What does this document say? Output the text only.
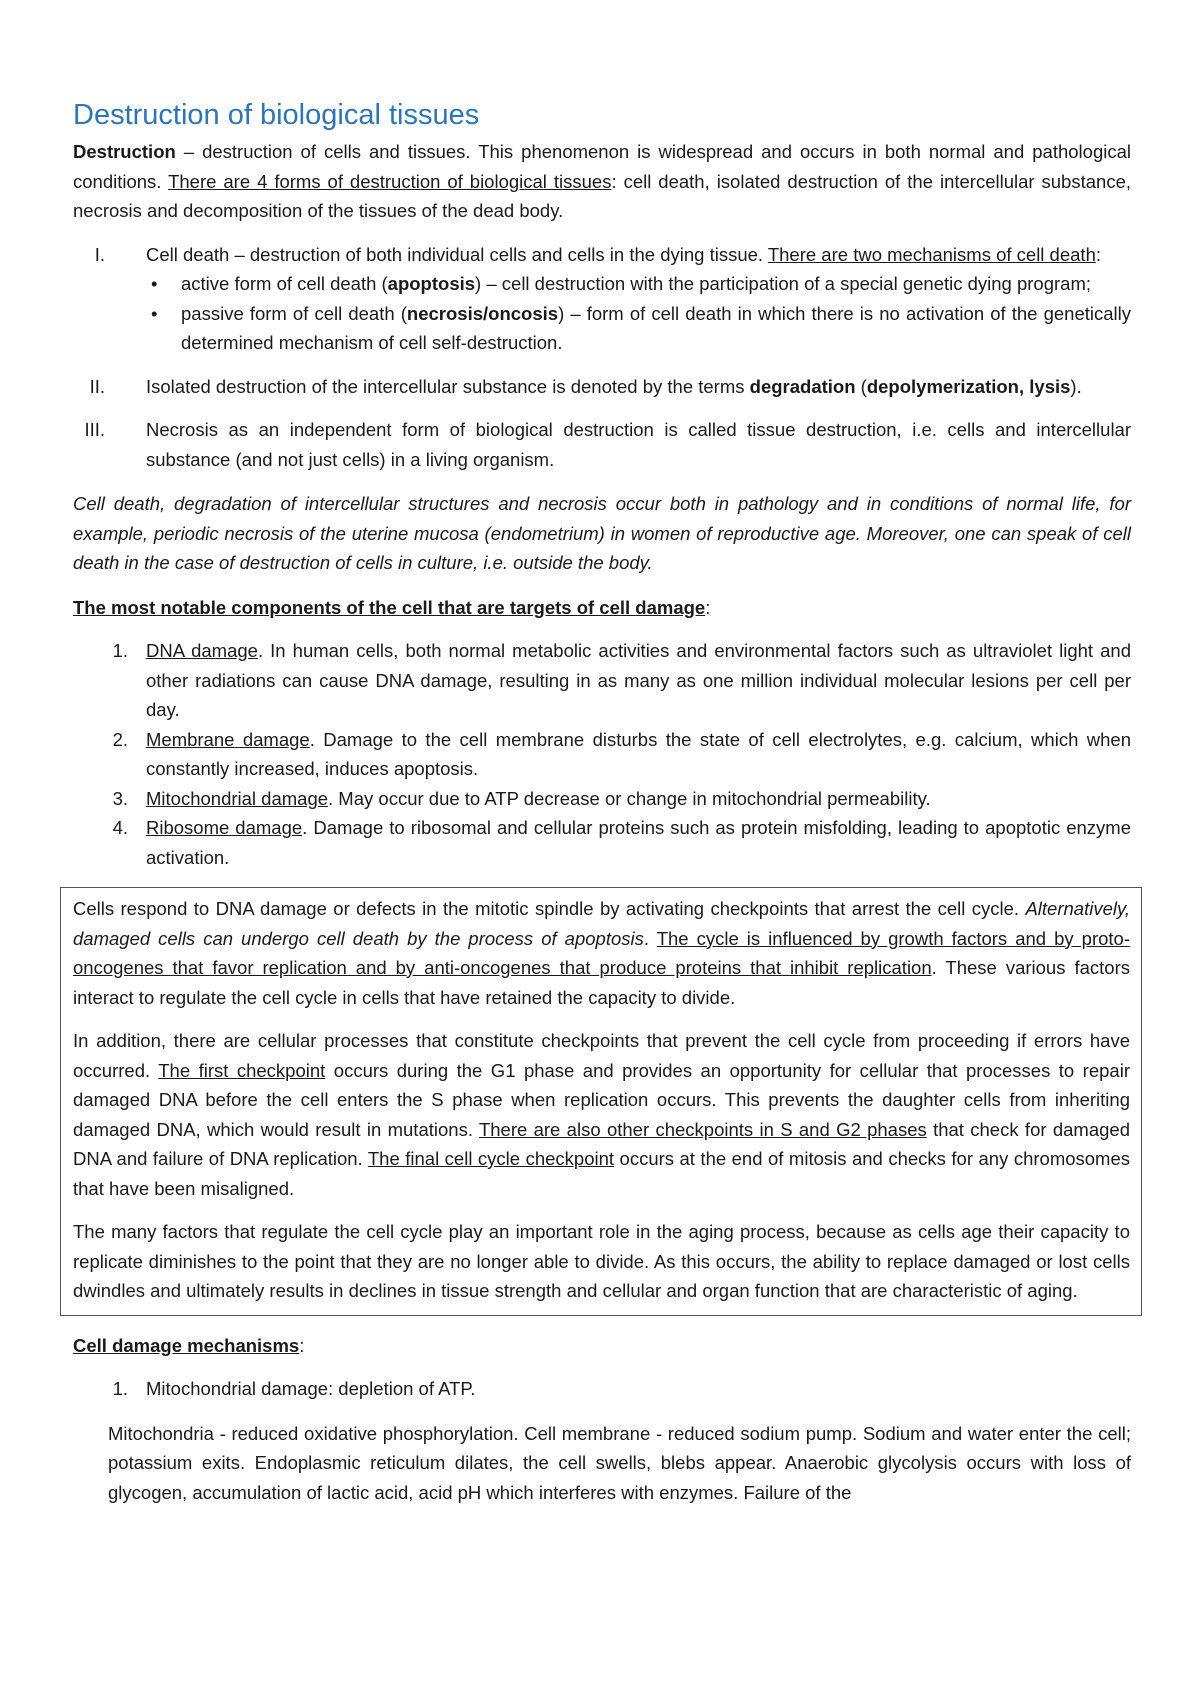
Destruction of biological tissues

Destruction – destruction of cells and tissues. This phenomenon is widespread and occurs in both normal and pathological conditions. There are 4 forms of destruction of biological tissues: cell death, isolated destruction of the intercellular substance, necrosis and decomposition of the tissues of the dead body.

I. Cell death – destruction of both individual cells and cells in the dying tissue. There are two mechanisms of cell death:
• active form of cell death (apoptosis) – cell destruction with the participation of a special genetic dying program;
• passive form of cell death (necrosis/oncosis) – form of cell death in which there is no activation of the genetically determined mechanism of cell self-destruction.
II. Isolated destruction of the intercellular substance is denoted by the terms degradation (depolymerization, lysis).
III. Necrosis as an independent form of biological destruction is called tissue destruction, i.e. cells and intercellular substance (and not just cells) in a living organism.

Cell death, degradation of intercellular structures and necrosis occur both in pathology and in conditions of normal life, for example, periodic necrosis of the uterine mucosa (endometrium) in women of reproductive age. Moreover, one can speak of cell death in the case of destruction of cells in culture, i.e. outside the body.

The most notable components of the cell that are targets of cell damage:

1. DNA damage. In human cells, both normal metabolic activities and environmental factors such as ultraviolet light and other radiations can cause DNA damage, resulting in as many as one million individual molecular lesions per cell per day.
2. Membrane damage. Damage to the cell membrane disturbs the state of cell electrolytes, e.g. calcium, which when constantly increased, induces apoptosis.
3. Mitochondrial damage. May occur due to ATP decrease or change in mitochondrial permeability.
4. Ribosome damage. Damage to ribosomal and cellular proteins such as protein misfolding, leading to apoptotic enzyme activation.

Cells respond to DNA damage or defects in the mitotic spindle by activating checkpoints that arrest the cell cycle. Alternatively, damaged cells can undergo cell death by the process of apoptosis. The cycle is influenced by growth factors and by proto-oncogenes that favor replication and by anti-oncogenes that produce proteins that inhibit replication. These various factors interact to regulate the cell cycle in cells that have retained the capacity to divide.

In addition, there are cellular processes that constitute checkpoints that prevent the cell cycle from proceeding if errors have occurred. The first checkpoint occurs during the G1 phase and provides an opportunity for cellular that processes to repair damaged DNA before the cell enters the S phase when replication occurs. This prevents the daughter cells from inheriting damaged DNA, which would result in mutations. There are also other checkpoints in S and G2 phases that check for damaged DNA and failure of DNA replication. The final cell cycle checkpoint occurs at the end of mitosis and checks for any chromosomes that have been misaligned.

The many factors that regulate the cell cycle play an important role in the aging process, because as cells age their capacity to replicate diminishes to the point that they are no longer able to divide. As this occurs, the ability to replace damaged or lost cells dwindles and ultimately results in declines in tissue strength and cellular and organ function that are characteristic of aging.

Cell damage mechanisms:

1. Mitochondrial damage: depletion of ATP.

Mitochondria - reduced oxidative phosphorylation. Cell membrane - reduced sodium pump. Sodium and water enter the cell; potassium exits. Endoplasmic reticulum dilates, the cell swells, blebs appear. Anaerobic glycolysis occurs with loss of glycogen, accumulation of lactic acid, acid pH which interferes with enzymes. Failure of the
